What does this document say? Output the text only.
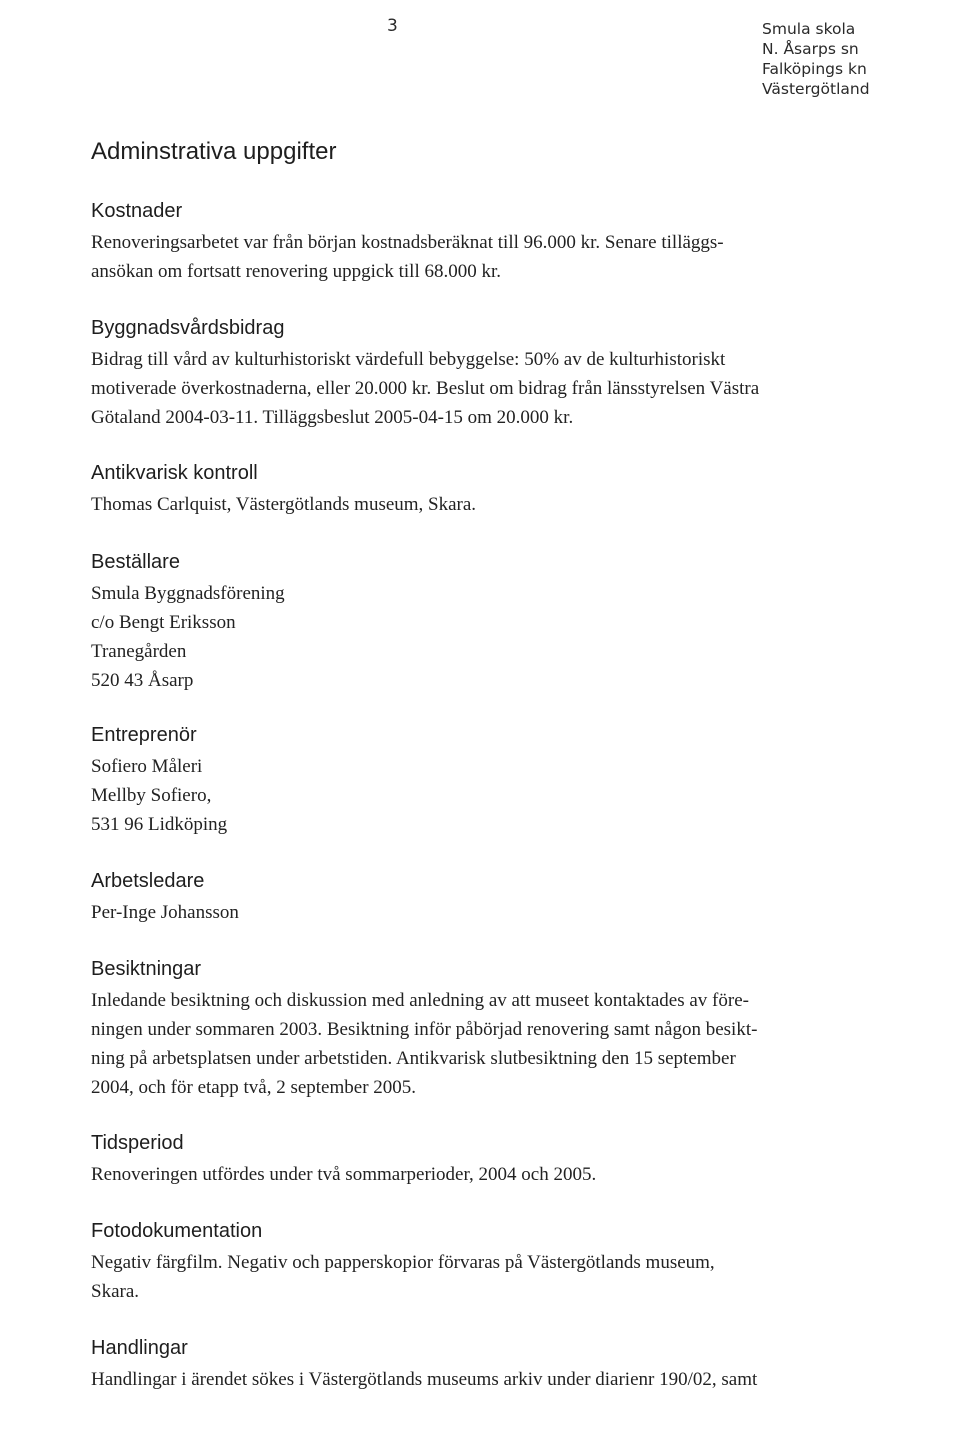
3	Smula skola
N. Åsarps sn
Falköpings kn
Västergötland
Adminstrativa uppgifter
Kostnader

Renoveringsarbetet var från början kostnadsberäknat till 96.000 kr. Senare tilläggs-

ansökan om fortsatt renovering uppgick till 68.000 kr.

Byggnadsvårdsbidrag

Bidrag till vård av kulturhistoriskt värdefull bebyggelse: 50% av de kulturhistoriskt

motiverade överkostnaderna, eller 20.000 kr. Beslut om bidrag från länsstyrelsen Västra

Götaland 2004-03-11. Tilläggsbeslut 2005-04-15 om 20.000 kr.

Antikvarisk kontroll

Thomas Carlquist, Västergötlands museum, Skara.

Beställare

Smula Byggnadsförening

c/o Bengt Eriksson

Tranegården

520 43 Åsarp

Entreprenör

Sofiero Måleri

Mellby Sofiero,

531 96 Lidköping

Arbetsledare

Per-Inge Johansson

Besiktningar

Inledande besiktning och diskussion med anledning av att museet kontaktades av före-

ningen under sommaren 2003. Besiktning inför påbörjad renovering samt någon besikt-

ning på arbetsplatsen under arbetstiden. Antikvarisk slutbesiktning den 15 september

2004, och för etapp två, 2 september 2005.

Tidsperiod

Renoveringen utfördes under två sommarperioder, 2004 och 2005.

Fotodokumentation

Negativ färgfilm. Negativ och papperskopior förvaras på Västergötlands museum,

Skara.

Handlingar

Handlingar i ärendet sökes i Västergötlands museums arkiv under diarienr 190/02, samt
